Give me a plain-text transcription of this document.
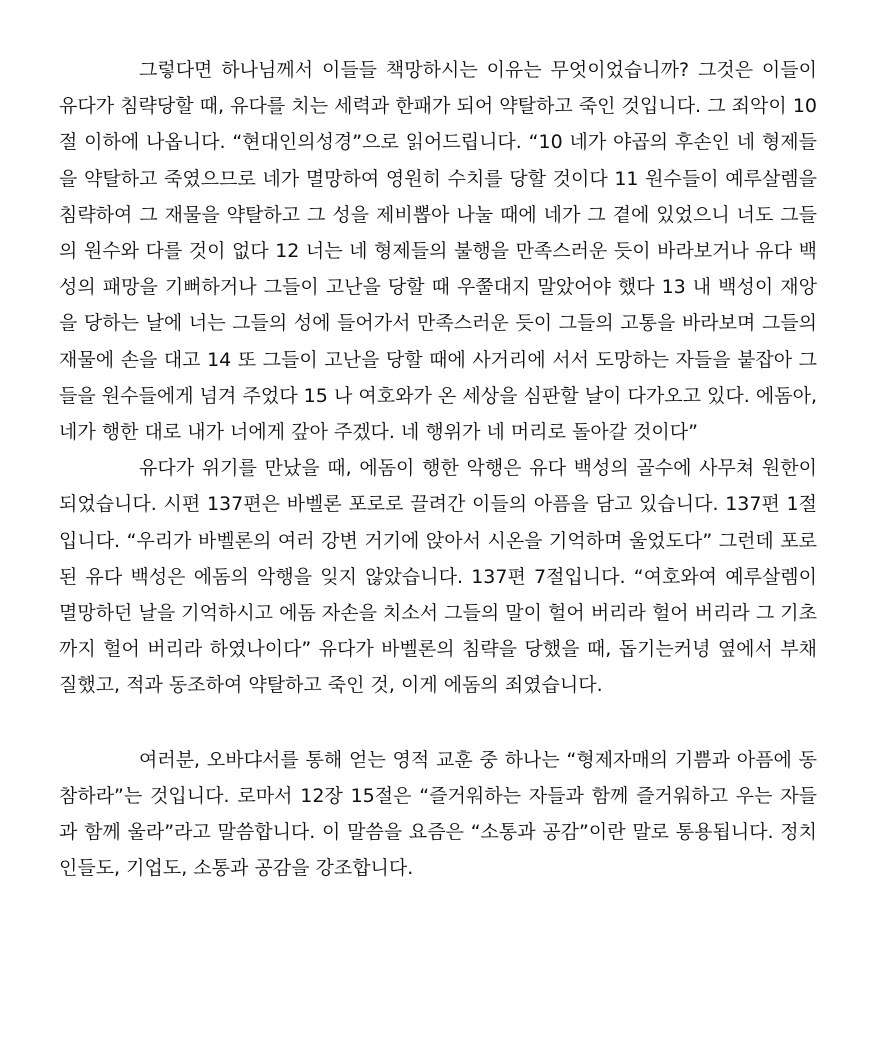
그렇다면 하나님께서 이들들 책망하시는 이유는 무엇이었습니까? 그것은 이들이 유다가 침략당할 때, 유다를 치는 세력과 한패가 되어 약탈하고 죽인 것입니다. 그 죄악이 10절 이하에 나옵니다. “현대인의성경”으로 읽어드립니다. “10 네가 야곱의 후손인 네 형제들을 약탈하고 죽였으므로 네가 멸망하여 영원히 수치를 당할 것이다 11 원수들이 예루살렘을 침략하여 그 재물을 약탈하고 그 성을 제비뽑아 나눌 때에 네가 그 곁에 있었으니 너도 그들의 원수와 다를 것이 없다 12 너는 네 형제들의 불행을 만족스러운 듯이 바라보거나 유다 백성의 패망을 기뻐하거나 그들이 고난을 당할 때 우쭐대지 말았어야 했다 13 내 백성이 재앙을 당하는 날에 너는 그들의 성에 들어가서 만족스러운 듯이 그들의 고통을 바라보며 그들의 재물에 손을 대고 14 또 그들이 고난을 당할 때에 사거리에 서서 도망하는 자들을 붙잡아 그들을 원수들에게 넘겨 주었다 15 나 여호와가 온 세상을 심판할 날이 다가오고 있다. 에돔아, 네가 행한 대로 내가 너에게 갚아 주겠다. 네 행위가 네 머리로 돌아갈 것이다”

유다가 위기를 만났을 때, 에돔이 행한 악행은 유다 백성의 골수에 사무쳐 원한이 되었습니다. 시편 137편은 바벨론 포로로 끌려간 이들의 아픔을 담고 있습니다. 137편 1절입니다. “우리가 바벨론의 여러 강변 거기에 앉아서 시온을 기억하며 울었도다” 그런데 포로된 유다 백성은 에돔의 악행을 잊지 않았습니다. 137편 7절입니다. “여호와여 예루살렘이 멸망하던 날을 기억하시고 에돔 자손을 치소서 그들의 말이 헐어 버리라 헐어 버리라 그 기초까지 헐어 버리라 하였나이다” 유다가 바벨론의 침략을 당했을 때, 돕기는커녕 옆에서 부채질했고, 적과 동조하여 약탈하고 죽인 것, 이게 에돔의 죄였습니다.

여러분, 오바댜서를 통해 얻는 영적 교훈 중 하나는 “형제자매의 기쁨과 아픔에 동참하라”는 것입니다. 로마서 12장 15절은 “즐거워하는 자들과 함께 즐거워하고 우는 자들과 함께 울라”라고 말씀합니다. 이 말씀을 요즘은 “소통과 공감”이란 말로 통용됩니다. 정치인들도, 기업도, 소통과 공감을 강조합니다.
